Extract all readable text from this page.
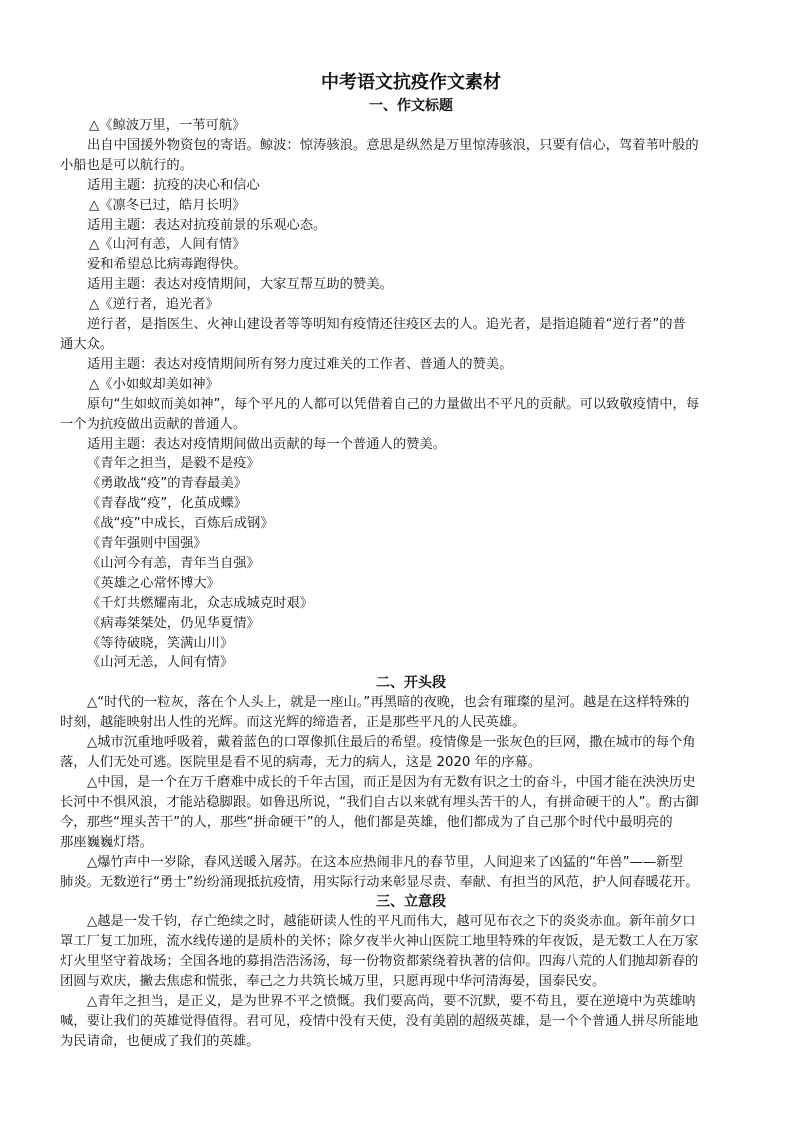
中考语文抗疫作文素材
一、作文标题
△《鲸波万里，一苇可航》
出自中国援外物资包的寄语。鲸波：惊涛骇浪。意思是纵然是万里惊涛骇浪，只要有信心，驾着苇叶般的
小船也是可以航行的。
适用主题：抗疫的决心和信心
△《凛冬已过，皓月长明》
适用主题：表达对抗疫前景的乐观心态。
△《山河有恙，人间有情》
爱和希望总比病毒跑得快。
适用主题：表达对疫情期间，大家互帮互助的赞美。
△《逆行者，追光者》
逆行者，是指医生、火神山建设者等等明知有疫情还往疫区去的人。追光者，是指追随着“逆行者”的普
通大众。
适用主题：表达对疫情期间所有努力度过难关的工作者、普通人的赞美。
△《小如蚁却美如神》
原句“生如蚁而美如神”，每个平凡的人都可以凭借着自己的力量做出不平凡的贡献。可以致敬疫情中，每
一个为抗疫做出贡献的普通人。
适用主题：表达对疫情期间做出贡献的每一个普通人的赞美。
《青年之担当，是毅不是疫》
《勇敢战“疫”的青春最美》
《青春战“疫”，化茧成蝶》
《战“疫”中成长，百炼后成钢》
《青年强则中国强》
《山河今有恙，青年当自强》
《英雄之心常怀博大》
《千灯共燃耀南北，众志成城克时艰》
《病毒桀桀处，仍见华夏情》
《等待破晓，笑满山川》
《山河无恙，人间有情》
二、开头段
△“时代的一粒灰，落在个人头上，就是一座山。”再黑暗的夜晚，也会有璀璨的星河。越是在这样特殊的
时刻，越能映射出人性的光辉。而这光辉的缔造者，正是那些平凡的人民英雄。
△城市沉重地呼吸着，戴着蓝色的口罩像抓住最后的希望。疫情像是一张灰色的巨网，撒在城市的每个角
落，人们无处可逃。医院里是看不见的病毒，无力的病人，这是 2020 年的序幕。
△中国，是一个在万千磨难中成长的千年古国，而正是因为有无数有识之士的奋斗，中国才能在泱泱历史
长河中不惧风浪，才能站稳脚跟。如鲁迅所说，“我们自古以来就有埋头苦干的人，有拼命硬干的人”。酌古御
今，那些“埋头苦干”的人，那些“拼命硬干”的人，他们都是英雄，他们都成为了自己那个时代中最明亮的
那座巍巍灯塔。
△爆竹声中一岁除，春风送暖入屠苏。在这本应热闹非凡的春节里，人间迎来了凶猛的“年兽”——新型
肺炎。无数逆行“勇士”纷纷涌现抵抗疫情，用实际行动来彰显尽责、奉献、有担当的风范，护人间春暖花开。
三、立意段
△越是一发千钧，存亡绝续之时，越能研读人性的平凡而伟大，越可见布衣之下的炎炎赤血。新年前夕口
罩工厂复工加班，流水线传递的是质朴的关怀；除夕夜半火神山医院工地里特殊的年夜饭，是无数工人在万家
灯火里坚守着战场；全国各地的募捐浩浩汤汤，每一份物资都萦绕着执著的信仰。四海八荒的人们抛却新春的
团圆与欢庆，撇去焦虑和慌张，奉己之力共筑长城万里，只愿再现中华河清海晏，国泰民安。
△青年之担当，是正义，是为世界不平之愤慨。我们要高尚，要不沉默，要不苟且，要在逆境中为英雄呐
喊，要让我们的英雄觉得值得。君可见，疫情中没有天使，没有美剧的超级英雄，是一个个普通人拼尽所能地
为民请命，也便成了我们的英雄。
